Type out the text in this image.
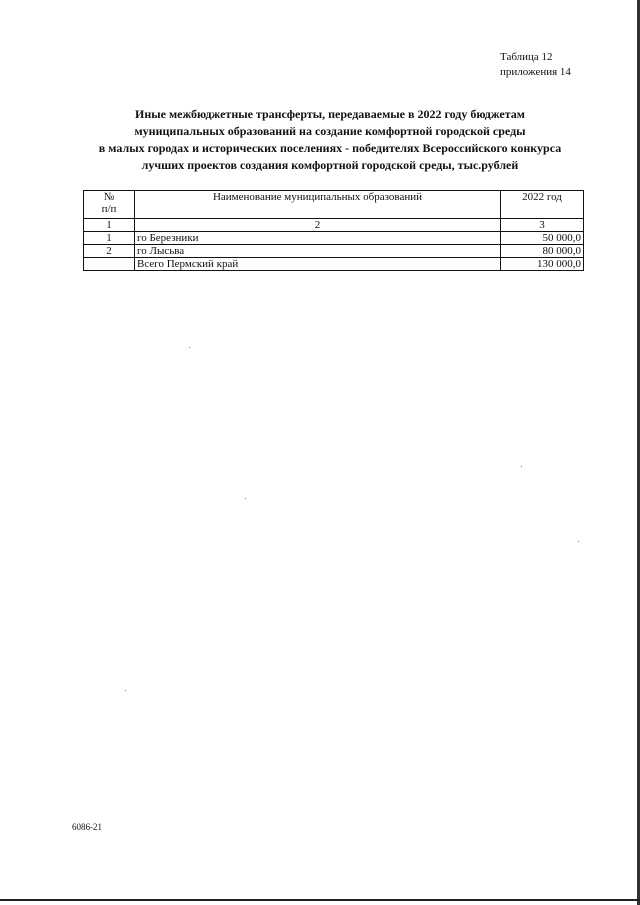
Таблица 12
приложения 14
Иные межбюджетные трансферты, передаваемые в 2022 году бюджетам
муниципальных образований на создание комфортной городской среды
в малых городах и исторических поселениях - победителях Всероссийского конкурса
лучших проектов создания комфортной городской среды, тыс.рублей
№
п/п	Наименование муниципальных образований	2022 год
1	2	3
1	го Березники	50 000,0
2	го Лысьва	80 000,0
	Всего Пермский край	130 000,0
6086-21
